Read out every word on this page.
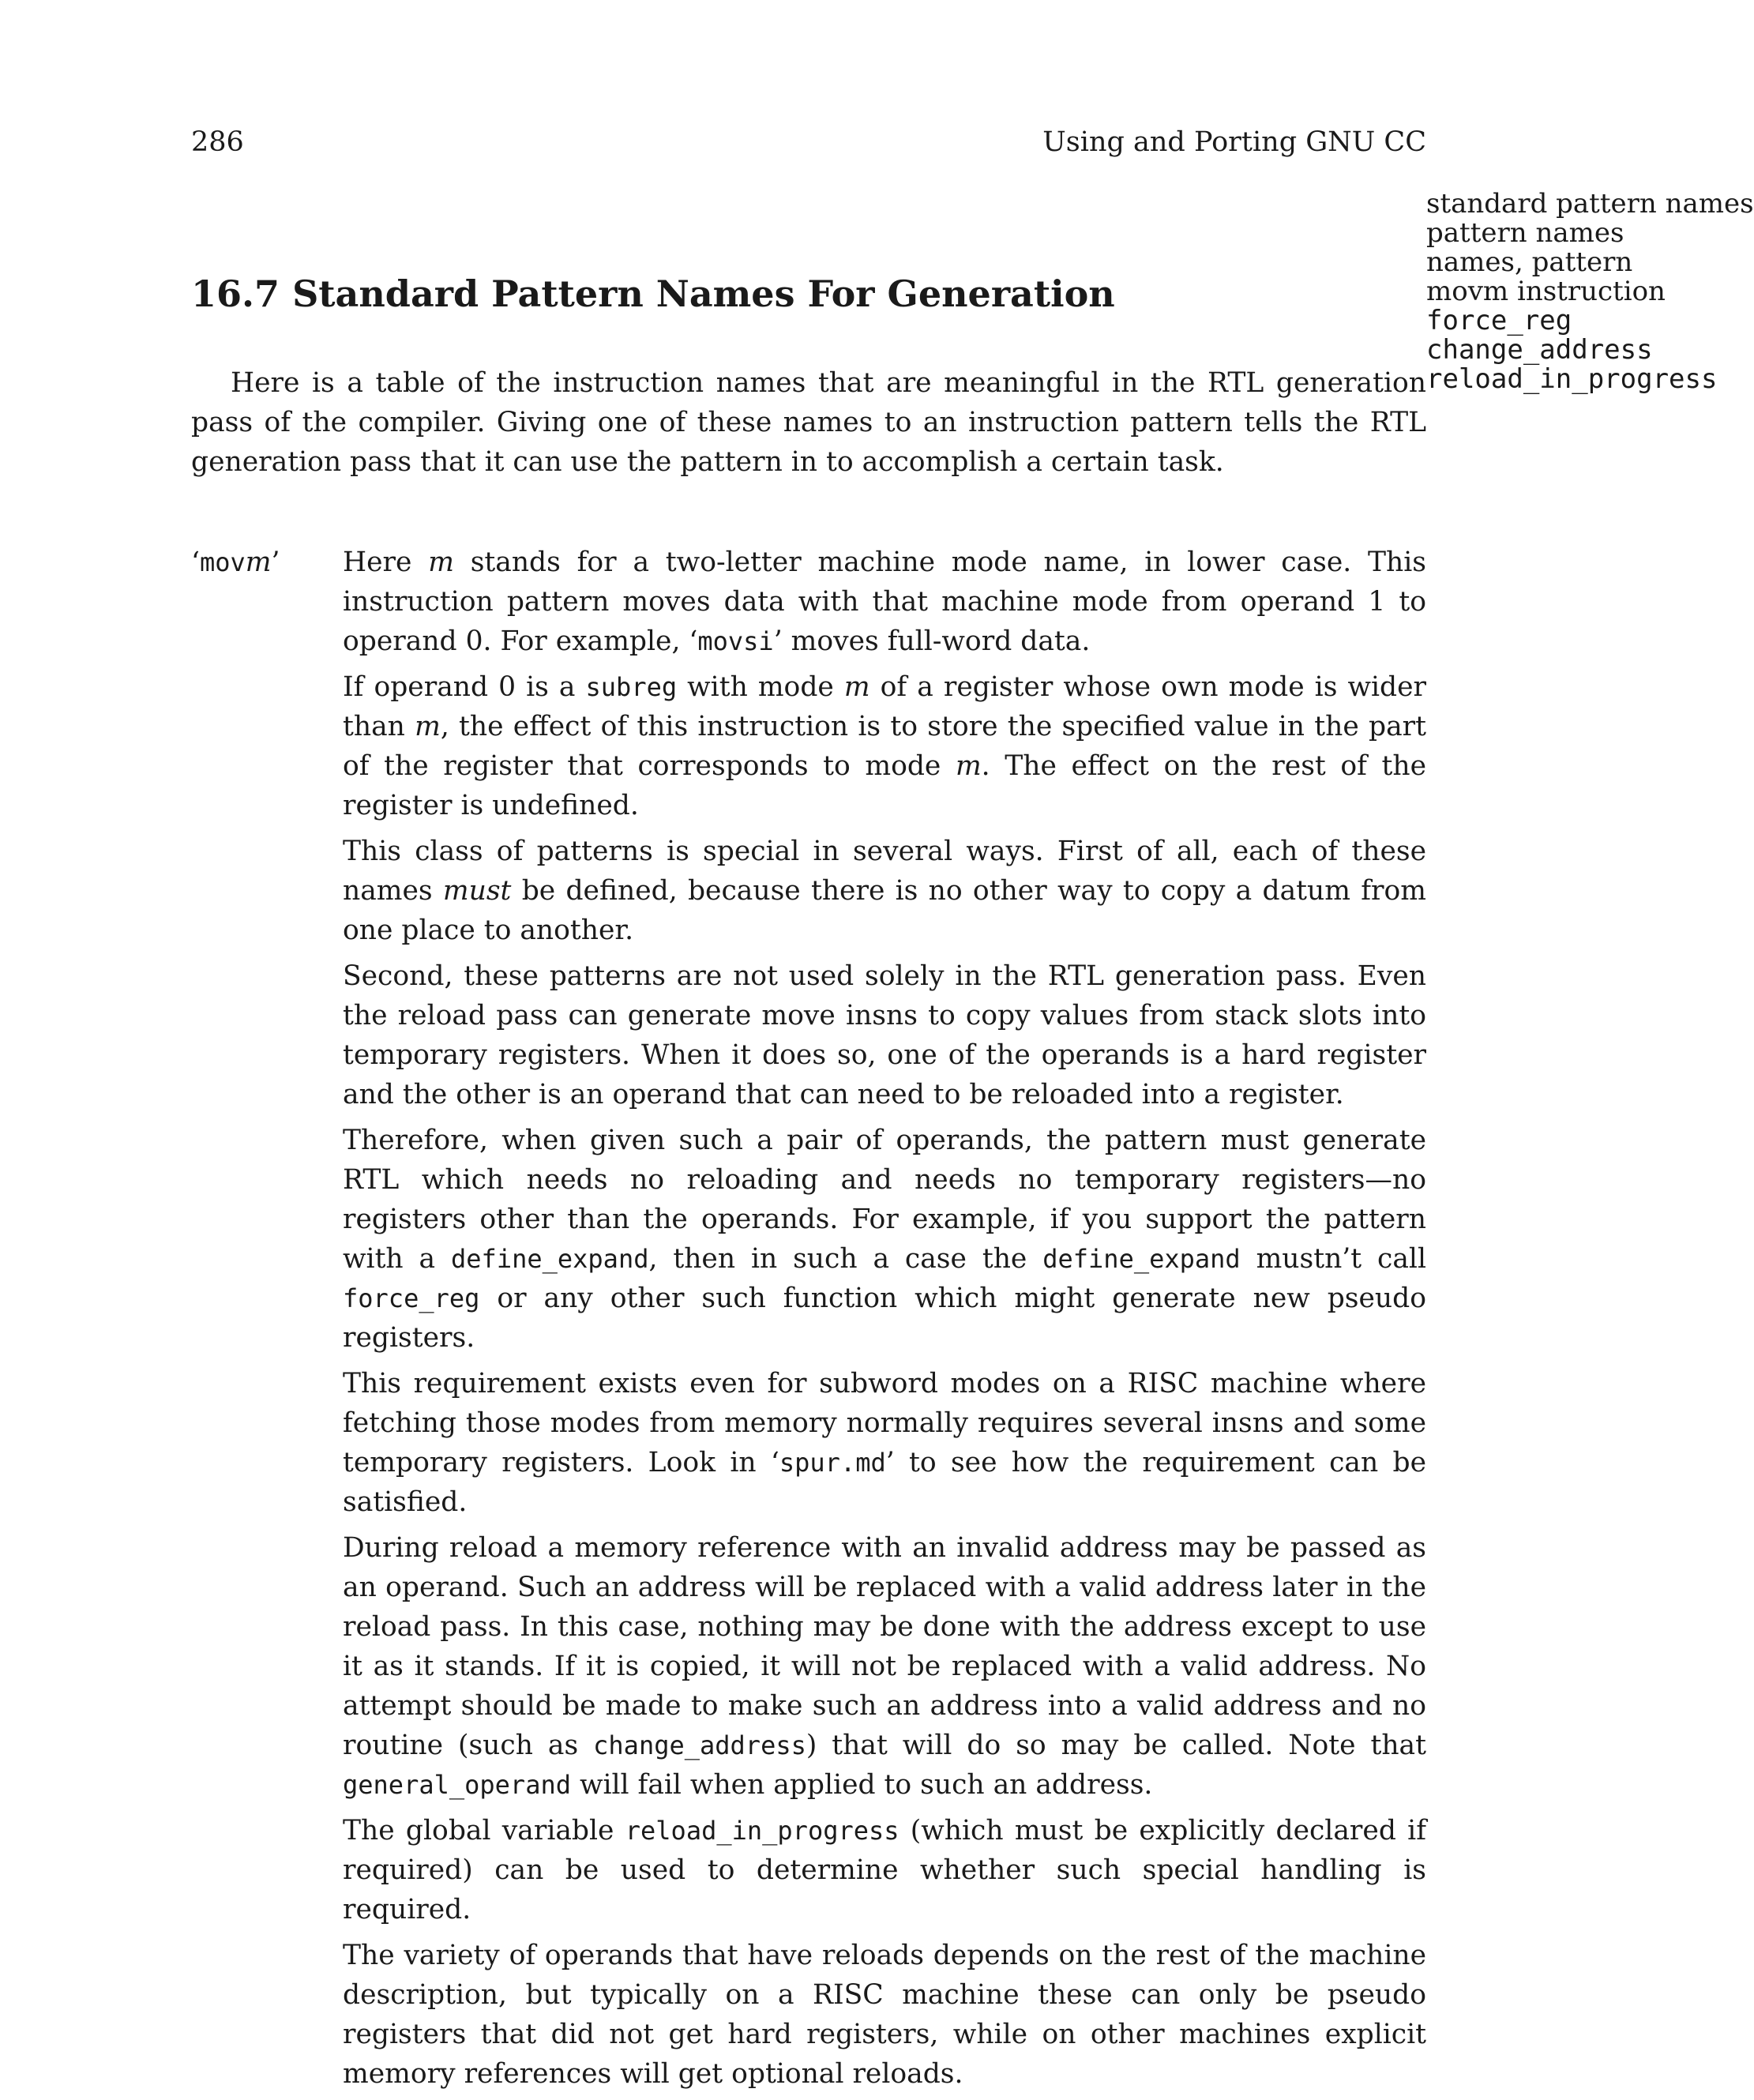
286	Using and Porting GNU CC
standard pattern names
pattern names
names, pattern
movm instruction
force_reg
change_address
reload_in_progress
16.7 Standard Pattern Names For Generation

Here is a table of the instruction names that are meaningful in the RTL generation pass of the compiler. Giving one of these names to an instruction pattern tells the RTL generation pass that it can use the pattern in to accomplish a certain task.

‘movm’ Here m stands for a two-letter machine mode name, in lower case. This instruction pattern moves data with that machine mode from operand 1 to operand 0. For example, ‘movsi’ moves full-word data.

If operand 0 is a subreg with mode m of a register whose own mode is wider than m, the effect of this instruction is to store the specified value in the part of the register that corresponds to mode m. The effect on the rest of the register is undefined.

This class of patterns is special in several ways. First of all, each of these names must be defined, because there is no other way to copy a datum from one place to another.

Second, these patterns are not used solely in the RTL generation pass. Even the reload pass can generate move insns to copy values from stack slots into temporary registers. When it does so, one of the operands is a hard register and the other is an operand that can need to be reloaded into a register.

Therefore, when given such a pair of operands, the pattern must generate RTL which needs no reloading and needs no temporary registers—no registers other than the operands. For example, if you support the pattern with a define_expand, then in such a case the define_expand mustn’t call force_reg or any other such function which might generate new pseudo registers.

This requirement exists even for subword modes on a RISC machine where fetching those modes from memory normally requires several insns and some temporary registers. Look in ‘spur.md’ to see how the requirement can be satisfied.

During reload a memory reference with an invalid address may be passed as an operand. Such an address will be replaced with a valid address later in the reload pass. In this case, nothing may be done with the address except to use it as it stands. If it is copied, it will not be replaced with a valid address. No attempt should be made to make such an address into a valid address and no routine (such as change_address) that will do so may be called. Note that general_operand will fail when applied to such an address.

The global variable reload_in_progress (which must be explicitly declared if required) can be used to determine whether such special handling is required.

The variety of operands that have reloads depends on the rest of the machine description, but typically on a RISC machine these can only be pseudo registers that did not get hard registers, while on other machines explicit memory references will get optional reloads.
